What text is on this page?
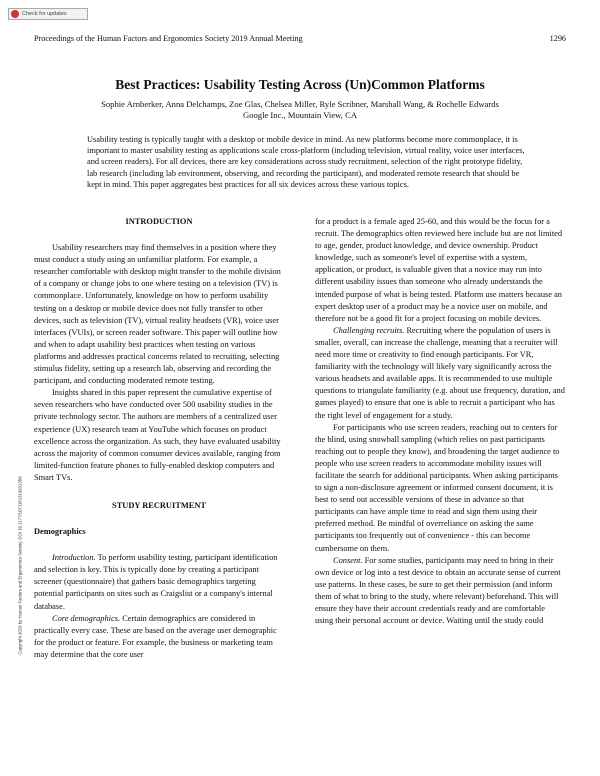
Check for updates
Proceedings of the Human Factors and Ergonomics Society 2019 Annual Meeting	1296
Best Practices: Usability Testing Across (Un)Common Platforms
Sophie Arnberker, Anna Delchamps, Zoe Glas, Chelsea Miller, Ryle Scribner, Marshall Wang, & Rochelle Edwards
Google Inc., Mountain View, CA
Usability testing is typically taught with a desktop or mobile device in mind. As new platforms become more commonplace, it is important to master usability testing as applications scale cross-platform (including television, virtual reality, voice user interfaces, and screen readers). For all devices, there are key considerations across study recruitment, selection of the right prototype fidelity, lab research (including lab environment, observing, and recording the participant), and moderated remote research that should be kept in mind. This paper aggregates best practices for all six devices across these various topics.
Copyright 2019 by Human Factors and Ergonomics Society. DOI 10.1177/1071181319631358
INTRODUCTION
Usability researchers may find themselves in a position where they must conduct a study using an unfamiliar platform. For example, a researcher comfortable with desktop might transfer to the mobile division of a company or change jobs to one where testing on a television (TV) is commonplace. Unfortunately, knowledge on how to perform usability testing on a desktop or mobile device does not fully transfer to other devices, such as television (TV), virtual reality headsets (VR), voice user interfaces (VUIs), or screen reader software. This paper will outline how and when to adapt usability best practices when testing on various platforms and addresses practical concerns related to recruiting, selecting stimulus fidelity, setting up a research lab, observing and recording the participant, and conducting moderated remote testing.
Insights shared in this paper represent the cumulative expertise of seven researchers who have conducted over 500 usability studies in the private technology sector. The authors are members of a centralized user experience (UX) research team at YouTube which focuses on product excellence across the organization. As such, they have evaluated usability across the majority of common consumer devices available, ranging from limited-function feature phones to fully-enabled desktop computers and Smart TVs.
STUDY RECRUITMENT
Demographics
Introduction. To perform usability testing, participant identification and selection is key. This is typically done by creating a participant screener (questionnaire) that gathers basic demographics targeting potential participants on sites such as Craigslist or a company's internal database.
Core demographics. Certain demographics are considered in practically every case. These are based on the average user demographic for the product or feature. For example, the business or marketing team may determine that the core user
for a product is a female aged 25-60, and this would be the focus for a recruit. The demographics often reviewed here include but are not limited to age, gender, product knowledge, and device ownership. Product knowledge, such as someone's level of expertise with a system, application, or product, is valuable given that a novice may run into different usability issues than someone who already understands the intended purpose of what is being tested. Platform use matters because an expert desktop user of a product may be a novice user on mobile, and therefore not be a good fit for a project focusing on mobile devices.
Challenging recruits. Recruiting where the population of users is smaller, overall, can increase the challenge, meaning that a recruiter will need more time or creativity to find enough participants. For VR, familiarity with the technology will likely vary significantly across the various headsets and available apps. It is recommended to use multiple questions to triangulate familiarity (e.g. about use frequency, duration, and games played) to ensure that one is able to recruit a participant who has the right level of engagement for a study.
For participants who use screen readers, reaching out to centers for the blind, using snowball sampling (which relies on past participants reaching out to people they know), and broadening the target audience to people who use screen readers to accommodate mobility issues will facilitate the search for additional participants. When asking participants to sign a non-disclosure agreement or informed consent document, it is best to send out accessible versions of these in advance so that participants can have ample time to read and sign them using their preferred method. Be mindful of overreliance on asking the same participants too frequently out of convenience - this can become cumbersome on them.
Consent. For some studies, participants may need to bring in their own device or log into a test device to obtain an accurate sense of current use patterns. In these cases, be sure to get their permission (and inform them of what to bring to the study, where relevant) beforehand. This will ensure they have their account credentials ready and are comfortable using their personal account or device. Waiting until the study could
